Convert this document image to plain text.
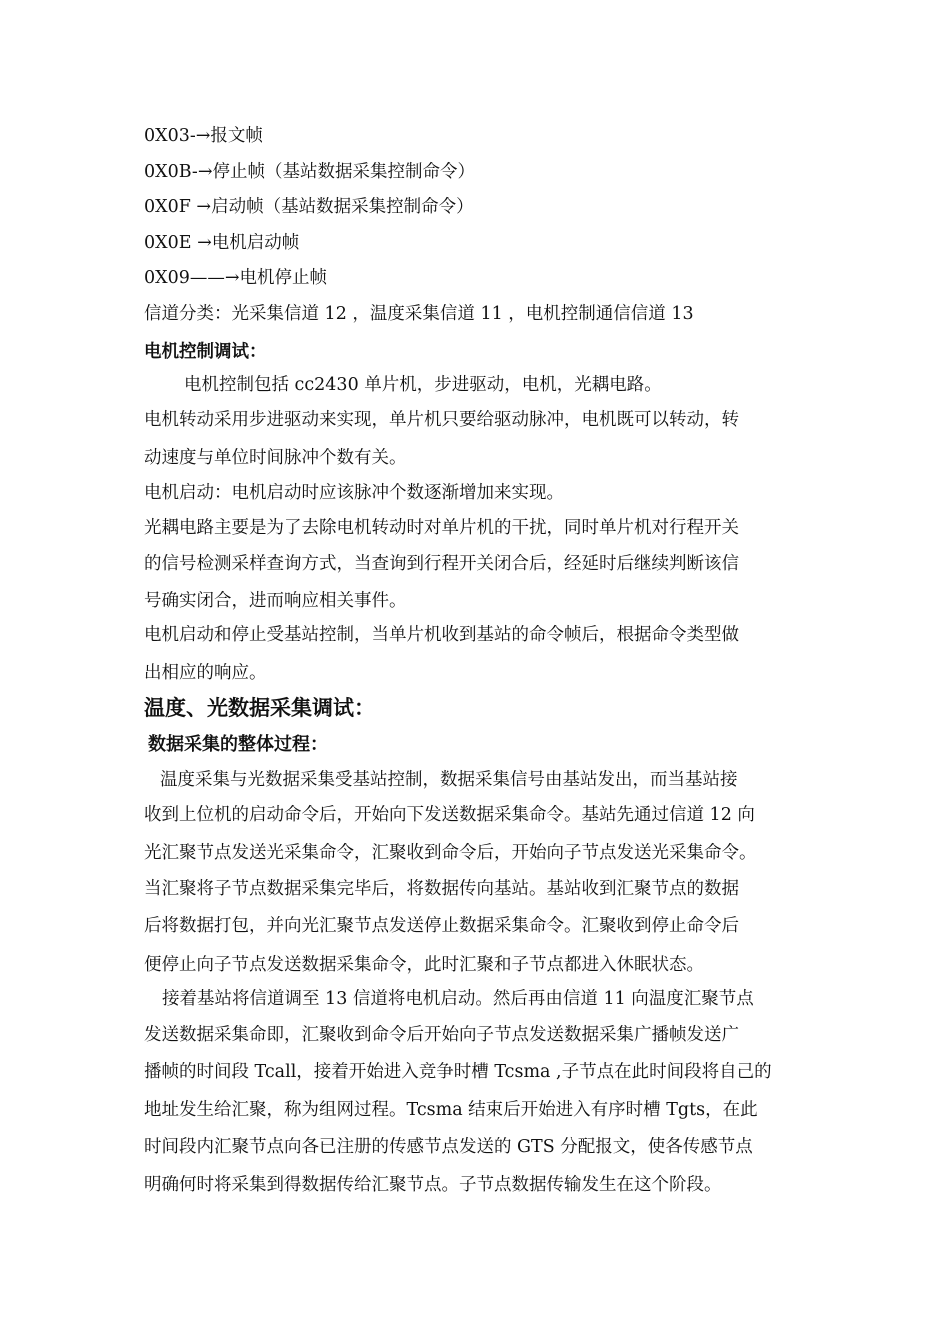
0X03-→报文帧
0X0B-→停止帧（基站数据采集控制命令）
0X0F →启动帧（基站数据采集控制命令）
0X0E →电机启动帧
0X09——→电机停止帧
信道分类：光采集信道 12 ，温度采集信道 11 ，电机控制通信信道 13
电机控制调试：
电机控制包括 cc2430 单片机，步进驱动，电机，光耦电路。
电机转动采用步进驱动来实现，单片机只要给驱动脉冲，电机既可以转动，转
动速度与单位时间脉冲个数有关。
电机启动：电机启动时应该脉冲个数逐渐增加来实现。
光耦电路主要是为了去除电机转动时对单片机的干扰，同时单片机对行程开关
的信号检测采样查询方式，当查询到行程开关闭合后，经延时后继续判断该信
号确实闭合，进而响应相关事件。
电机启动和停止受基站控制，当单片机收到基站的命令帧后，根据命令类型做
出相应的响应。
温度、光数据采集调试：
数据采集的整体过程：
温度采集与光数据采集受基站控制，数据采集信号由基站发出，而当基站接
收到上位机的启动命令后，开始向下发送数据采集命令。基站先通过信道 12 向
光汇聚节点发送光采集命令，汇聚收到命令后，开始向子节点发送光采集命令。
当汇聚将子节点数据采集完毕后，将数据传向基站。基站收到汇聚节点的数据
后将数据打包，并向光汇聚节点发送停止数据采集命令。汇聚收到停止命令后
便停止向子节点发送数据采集命令，此时汇聚和子节点都进入休眠状态。
接着基站将信道调至 13 信道将电机启动。然后再由信道 11 向温度汇聚节点
发送数据采集命即，汇聚收到命令后开始向子节点发送数据采集广播帧发送广
播帧的时间段 Tcall，接着开始进入竞争时槽 Tcsma ,子节点在此时间段将自己的
地址发生给汇聚，称为组网过程。Tcsma 结束后开始进入有序时槽 Tgts，在此
时间段内汇聚节点向各已注册的传感节点发送的 GTS 分配报文，使各传感节点
明确何时将采集到得数据传给汇聚节点。子节点数据传输发生在这个阶段。
